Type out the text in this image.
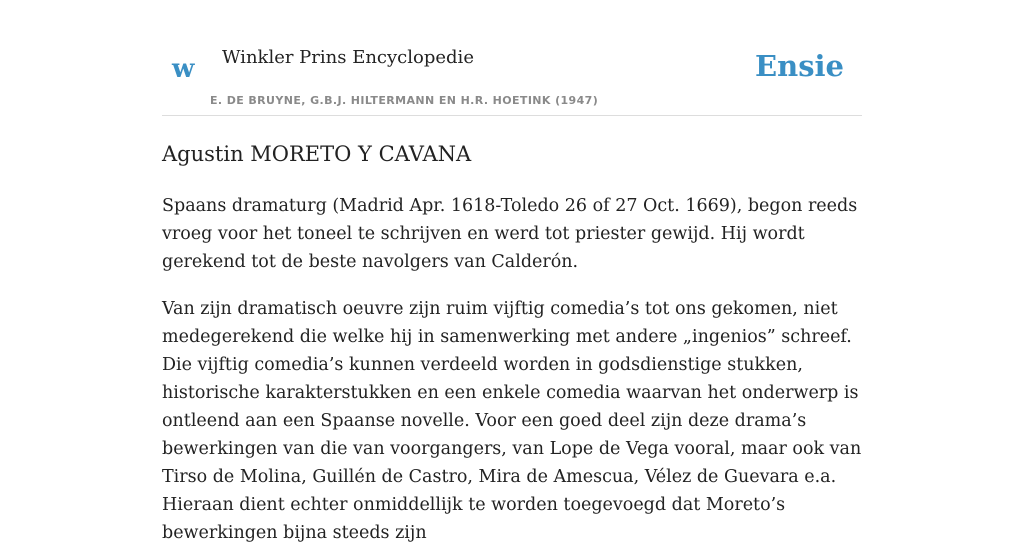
w Winkler Prins Encyclopedie
E. DE BRUYNE, G.B.J. HILTERMANN EN H.R. HOETINK (1947)
Ensie
Agustin MORETO Y CAVANA

Spaans dramaturg (Madrid Apr. 1618-Toledo 26 of 27 Oct. 1669), begon reeds vroeg voor het toneel te schrijven en werd tot priester gewijd. Hij wordt gerekend tot de beste navolgers van Calderón.

Van zijn dramatisch oeuvre zijn ruim vijftig comedia’s tot ons gekomen, niet medegerekend die welke hij in samenwerking met andere „ingenios” schreef. Die vijftig comedia’s kunnen verdeeld worden in godsdienstige stukken, historische karakterstukken en een enkele comedia waarvan het onderwerp is ontleend aan een Spaanse novelle. Voor een goed deel zijn deze drama’s bewerkingen van die van voorgangers, van Lope de Vega vooral, maar ook van Tirso de Molina, Guillén de Castro, Mira de Amescua, Vélez de Guevara e.a. Hieraan dient echter onmiddellijk te worden toegevoegd dat Moreto’s bewerkingen bijna steeds zijn
